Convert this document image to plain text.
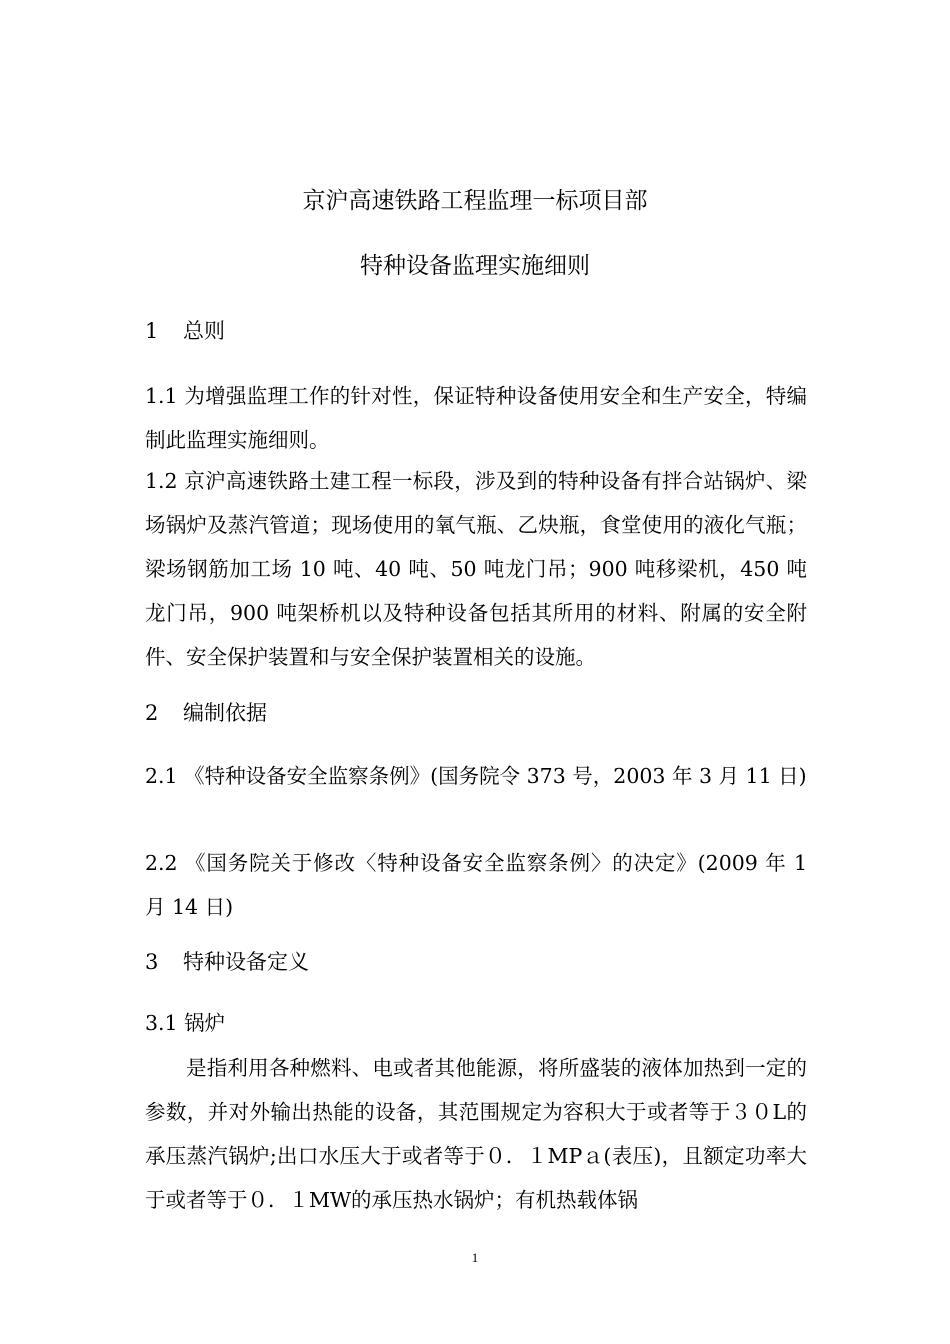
京沪高速铁路工程监理一标项目部
特种设备监理实施细则
1 总则

1.1 为增强监理工作的针对性，保证特种设备使用安全和生产安全，特编制此监理实施细则。

1.2 京沪高速铁路土建工程一标段，涉及到的特种设备有拌合站锅炉、梁场锅炉及蒸汽管道；现场使用的氧气瓶、乙炔瓶，食堂使用的液化气瓶；梁场钢筋加工场 10 吨、40 吨、50 吨龙门吊；900 吨移梁机，450 吨龙门吊，900 吨架桥机以及特种设备包括其所用的材料、附属的安全附件、安全保护装置和与安全保护装置相关的设施。

2 编制依据

2.1 《特种设备安全监察条例》(国务院令 373 号，2003 年 3 月 11 日)

2.2 《国务院关于修改〈特种设备安全监察条例〉的决定》(2009 年 1 月 14 日)

3 特种设备定义

3.1 锅炉

是指利用各种燃料、电或者其他能源，将所盛装的液体加热到一定的参数，并对外输出热能的设备，其范围规定为容积大于或者等于３０L的承压蒸汽锅炉;出口水压大于或者等于０．１MPａ(表压)，且额定功率大于或者等于０．１MW的承压热水锅炉；有机热载体锅

1
